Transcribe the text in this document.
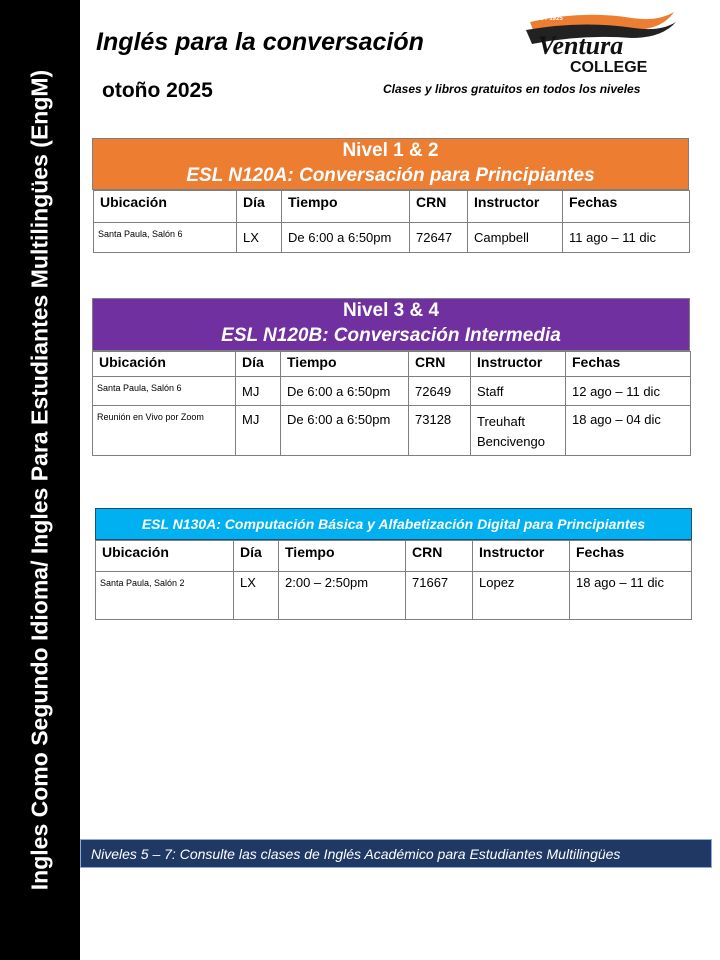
Ingles Como Segundo Idioma/ Ingles Para Estudiantes Multilingües (EngM)
Inglés para la conversación
otoño 2025	Clases y libros gratuitos en todos los niveles
EST 1925
Ventura
COLLEGE
Nivel 1 & 2
ESL N120A: Conversación para Principiantes
Ubicación	Día	Tiempo	CRN	Instructor	Fechas
Santa Paula, Salón 6	LX	De 6:00 a 6:50pm	72647	Campbell	11 ago – 11 dic
Nivel 3 & 4
ESL N120B: Conversación Intermedia
Ubicación	Día	Tiempo	CRN	Instructor	Fechas
Santa Paula, Salón 6	MJ	De 6:00 a 6:50pm	72649	Staff	12 ago – 11 dic
Reunión en Vivo por Zoom	MJ	De 6:00 a 6:50pm	73128	Treuhaft Bencivengo	18 ago – 04 dic
ESL N130A: Computación Básica y Alfabetización Digital para Principiantes
Ubicación	Día	Tiempo	CRN	Instructor	Fechas
Santa Paula, Salón 2	LX	2:00 – 2:50pm	71667	Lopez	18 ago – 11 dic
Niveles 5 – 7: Consulte las clases de Inglés Académico para Estudiantes Multilingües
